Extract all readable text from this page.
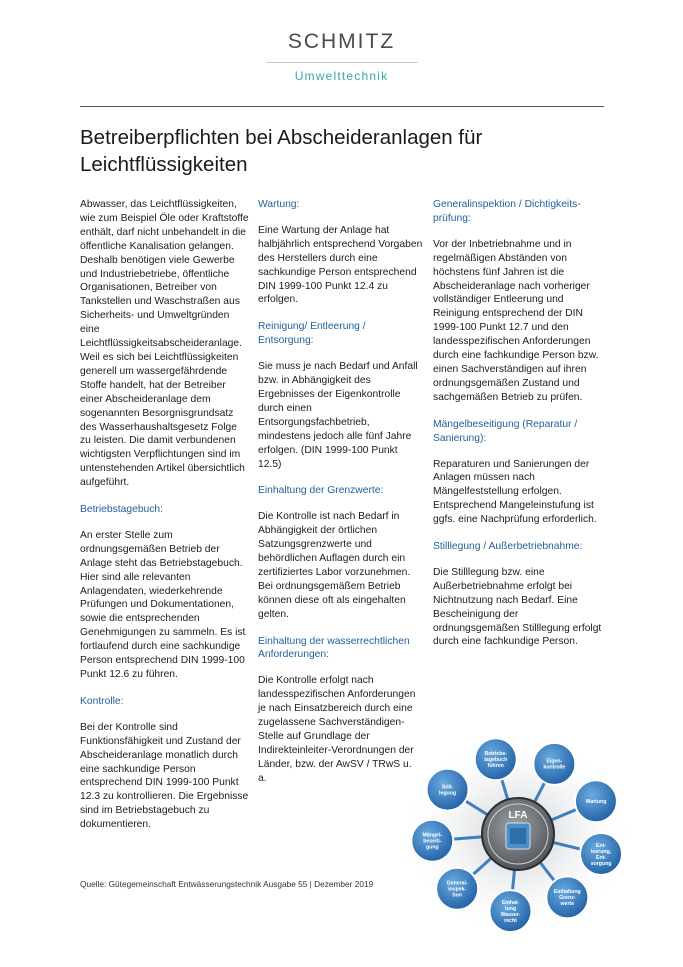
SCHMITZ
Umwelttechnik
Betreiberpflichten bei Abscheideranlagen für Leichtflüssigkeiten

Abwasser, das Leichtflüssigkeiten, wie zum Beispiel Öle oder Kraftstoffe enthält, darf nicht unbehandelt in die öffentliche Kanalisation gelangen. Deshalb benötigen viele Gewerbe und Industriebetriebe, öffentliche Organisationen, Betreiber von Tankstellen und Waschstraßen aus Sicherheits- und Umweltgründen eine Leichtflüssigkeitsabscheideranlage. Weil es sich bei Leichtflüssigkeiten generell um wassergefährdende Stoffe handelt, hat der Betreiber einer Abscheideranlage dem sogenannten Besorgnisgrundsatz des Wasserhaushaltsgesetz Folge zu leisten. Die damit verbundenen wichtigsten Verpflichtungen sind im untenstehenden Artikel übersichtlich aufgeführt.

Betriebstagebuch:

An erster Stelle zum ordnungsgemäßen Betrieb der Anlage steht das Betriebstagebuch. Hier sind alle relevanten Anlagendaten, wiederkehrende Prüfungen und Dokumentationen, sowie die entsprechenden Genehmigungen zu sammeln. Es ist fortlaufend durch eine sachkundige Person entsprechend DIN 1999-100 Punkt 12.6 zu führen.

Kontrolle:

Bei der Kontrolle sind Funktionsfähigkeit und Zustand der Abscheideranlage monatlich durch eine sachkundige Person entsprechend DIN 1999-100 Punkt 12.3 zu kontrollieren. Die Ergebnisse sind im Betriebstagebuch zu dokumentieren.

Wartung:

Eine Wartung der Anlage hat halbjährlich entsprechend Vorgaben des Herstellers durch eine sachkundige Person entsprechend DIN 1999-100 Punkt 12.4 zu erfolgen.

Reinigung/ Entleerung / Entsorgung:

Sie muss je nach Bedarf und Anfall bzw. in Abhängigkeit des Ergebnisses der Eigenkontrolle durch einen Entsorgungsfachbetrieb, mindestens jedoch alle fünf Jahre erfolgen. (DIN 1999-100 Punkt 12.5)

Einhaltung der Grenzwerte:

Die Kontrolle ist nach Bedarf in Abhängigkeit der örtlichen Satzungsgrenzwerte und behördlichen Auflagen durch ein zertifiziertes Labor vorzunehmen. Bei ordnungsgemäßem Betrieb können diese oft als eingehalten gelten.

Einhaltung der wasserrechtlichen Anforderungen:

Die Kontrolle erfolgt nach landesspezifischen Anforderungen je nach Einsatzbereich durch eine zugelassene Sachverständigen-Stelle auf Grundlage der Indirekteinleiter-Verordnungen der Länder, bzw. der AwSV / TRwS u. a.

Generalinspektion / Dichtigkeits-prüfung:

Vor der Inbetriebnahme und in regelmäßigen Abständen von höchstens fünf Jahren ist die Abscheideranlage nach vorheriger vollständiger Entleerung und Reinigung entsprechend der DIN 1999-100 Punkt 12.7 und den landesspezifischen Anforderungen durch eine fachkundige Person bzw. einen Sachverständigen auf ihren ordnungsgemäßen Zustand und sachgemäßen Betrieb zu prüfen.

Mängelbeseitigung (Reparatur / Sanierung):

Reparaturen und Sanierungen der Anlagen müssen nach Mängelfeststellung erfolgen. Entsprechend Mangeleinstufung ist ggfs. eine Nachprüfung erforderlich.

Stilllegung / Außerbetriebnahme:

Die Stilllegung bzw. eine Außerbetriebnahme erfolgt bei Nichtnutzung nach Bedarf. Eine Bescheinigung der ordnungsgemäßen Stilllegung erfolgt durch eine fachkundige Person.

LFA
Betriebs-
tagebuch
führen
Eigen-
kontrolle
Wartung
Ent-
leerung,
Ent-
sorgung
Einhaltung
Grenz-
werte
Einhal-
tung
Wasser-
recht
General-
inspek-
tion
Mängel-
beseiti-
gung
Still-
legung
Quelle: Gütegemeinschaft Entwässerungstechnik Ausgabe 55 | Dezember 2019
